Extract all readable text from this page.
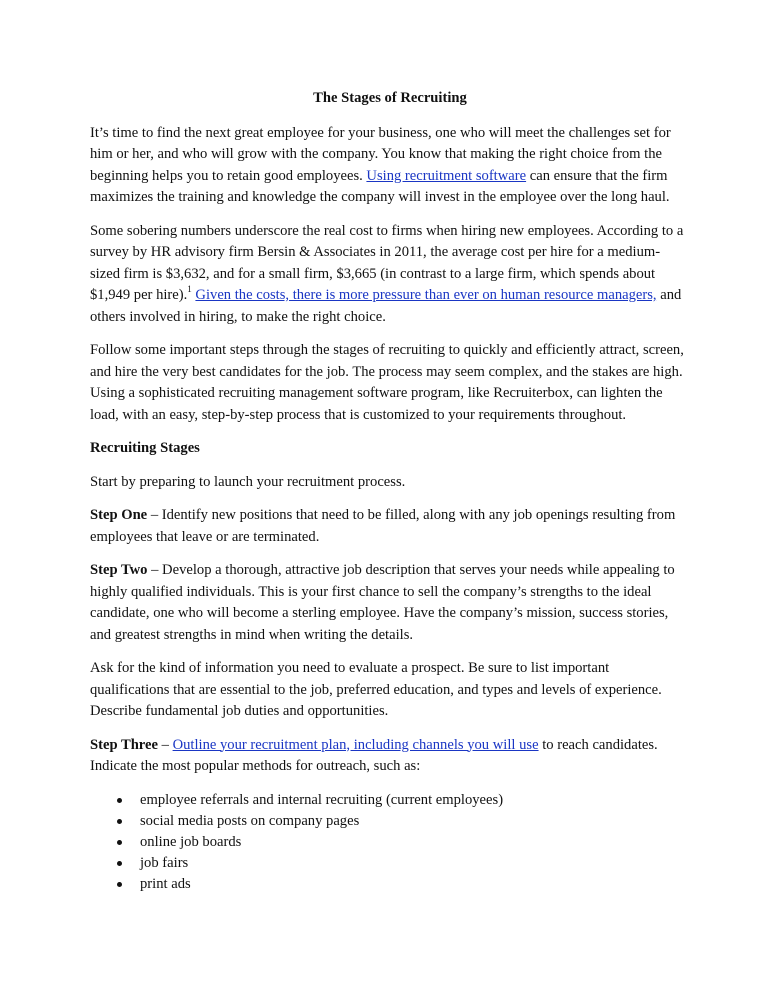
The Stages of Recruiting

It’s time to find the next great employee for your business, one who will meet the challenges set for him or her, and who will grow with the company. You know that making the right choice from the beginning helps you to retain good employees. Using recruitment software can ensure that the firm maximizes the training and knowledge the company will invest in the employee over the long haul.

Some sobering numbers underscore the real cost to firms when hiring new employees. According to a survey by HR advisory firm Bersin & Associates in 2011, the average cost per hire for a medium-sized firm is $3,632, and for a small firm, $3,665 (in contrast to a large firm, which spends about $1,949 per hire).$^1$ Given the costs, there is more pressure than ever on human resource managers, and others involved in hiring, to make the right choice.

Follow some important steps through the stages of recruiting to quickly and efficiently attract, screen, and hire the very best candidates for the job. The process may seem complex, and the stakes are high. Using a sophisticated recruiting management software program, like Recruiterbox, can lighten the load, with an easy, step-by-step process that is customized to your requirements throughout.

Recruiting Stages

Start by preparing to launch your recruitment process.

Step One – Identify new positions that need to be filled, along with any job openings resulting from employees that leave or are terminated.

Step Two – Develop a thorough, attractive job description that serves your needs while appealing to highly qualified individuals. This is your first chance to sell the company’s strengths to the ideal candidate, one who will become a sterling employee. Have the company’s mission, success stories, and greatest strengths in mind when writing the details.

Ask for the kind of information you need to evaluate a prospect. Be sure to list important qualifications that are essential to the job, preferred education, and types and levels of experience. Describe fundamental job duties and opportunities.

Step Three – Outline your recruitment plan, including channels you will use to reach candidates. Indicate the most popular methods for outreach, such as:

employee referrals and internal recruiting (current employees)
social media posts on company pages
online job boards
job fairs
print ads
